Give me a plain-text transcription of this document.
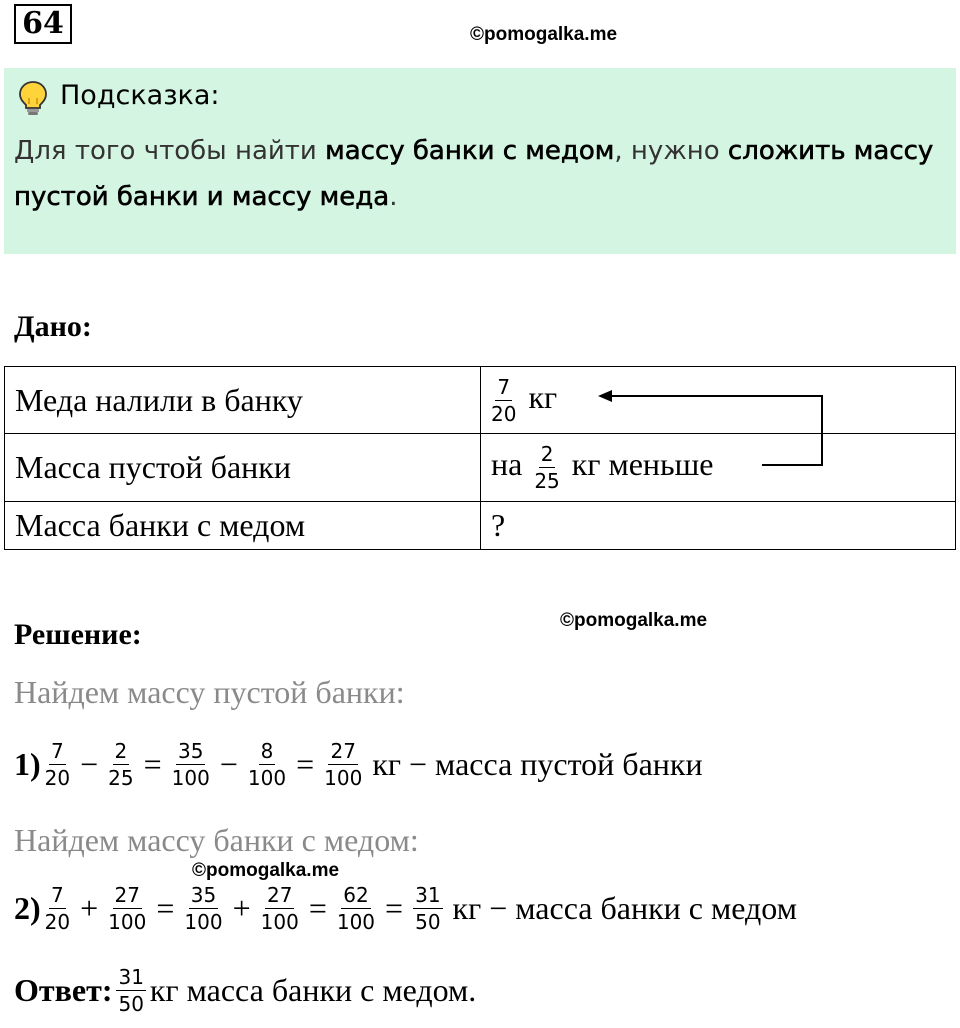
64	©pomogalka.me
Подсказка:
Для того чтобы найти массу банки с медом, нужно сложить массу пустой банки и массу меда.
Дано:
Меда налили в банку	$\frac{7}{20}$ кг
Масса пустой банки	на $\frac{2}{25}$ кг меньше
Масса банки с медом	?
©pomogalka.me
Решение:
Найдем массу пустой банки:
$1) \frac{7}{20} - \frac{2}{25} = \frac{35}{100} - \frac{8}{100} = \frac{27}{100}$ кг − масса пустой банки
Найдем массу банки с медом:
©pomogalka.me
$2) \frac{7}{20} + \frac{27}{100} = \frac{35}{100} + \frac{27}{100} = \frac{62}{100} = \frac{31}{50}$ кг − масса банки с медом
Ответ: $\frac{31}{50}$ кг масса банки с медом.
